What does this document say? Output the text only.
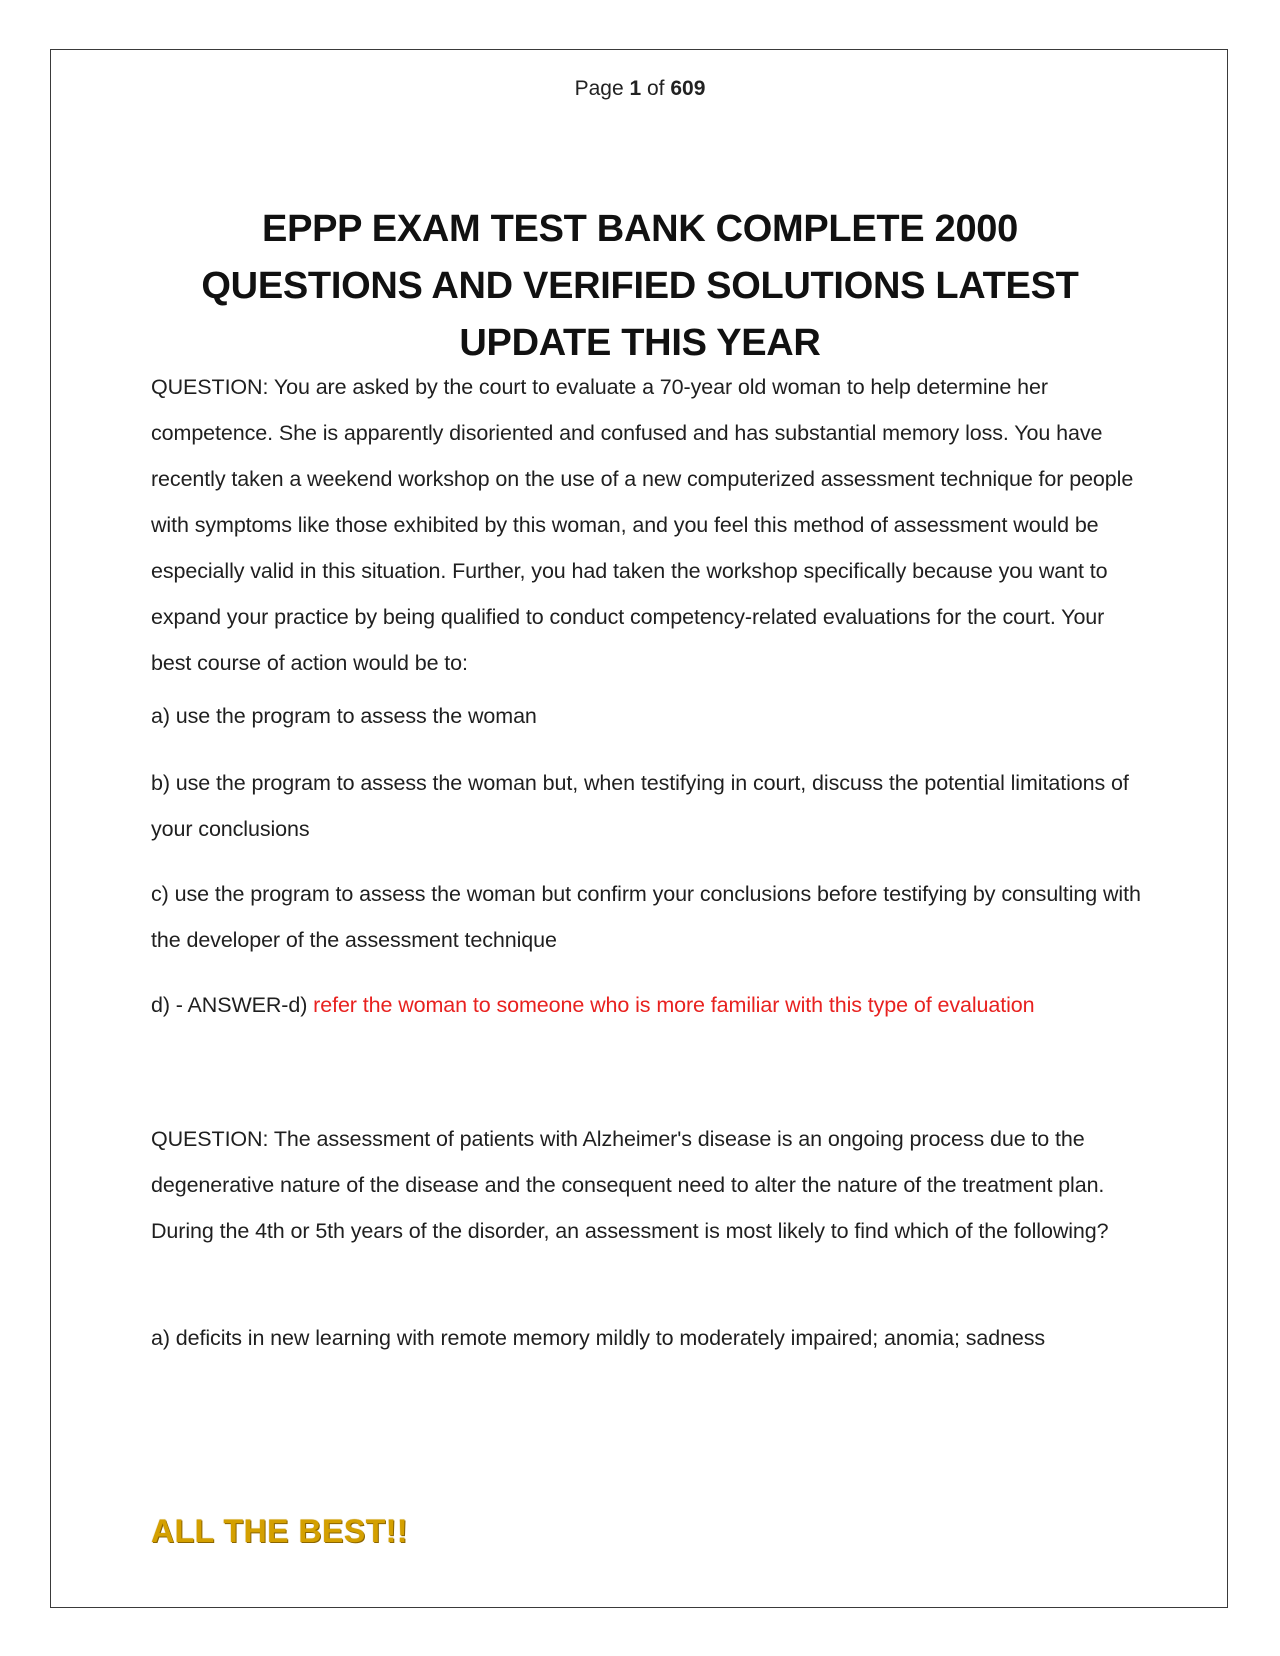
Page 1 of 609
EPPP EXAM TEST BANK COMPLETE 2000 QUESTIONS AND VERIFIED SOLUTIONS LATEST UPDATE THIS YEAR

QUESTION: You are asked by the court to evaluate a 70-year old woman to help determine her competence. She is apparently disoriented and confused and has substantial memory loss. You have recently taken a weekend workshop on the use of a new computerized assessment technique for people with symptoms like those exhibited by this woman, and you feel this method of assessment would be especially valid in this situation. Further, you had taken the workshop specifically because you want to expand your practice by being qualified to conduct competency-related evaluations for the court. Your best course of action would be to:

a) use the program to assess the woman

b) use the program to assess the woman but, when testifying in court, discuss the potential limitations of your conclusions

c) use the program to assess the woman but confirm your conclusions before testifying by consulting with the developer of the assessment technique

d) - ANSWER-d) refer the woman to someone who is more familiar with this type of evaluation

QUESTION: The assessment of patients with Alzheimer's disease is an ongoing process due to the degenerative nature of the disease and the consequent need to alter the nature of the treatment plan. During the 4th or 5th years of the disorder, an assessment is most likely to find which of the following?

a) deficits in new learning with remote memory mildly to moderately impaired; anomia; sadness

ALL THE BEST!!
